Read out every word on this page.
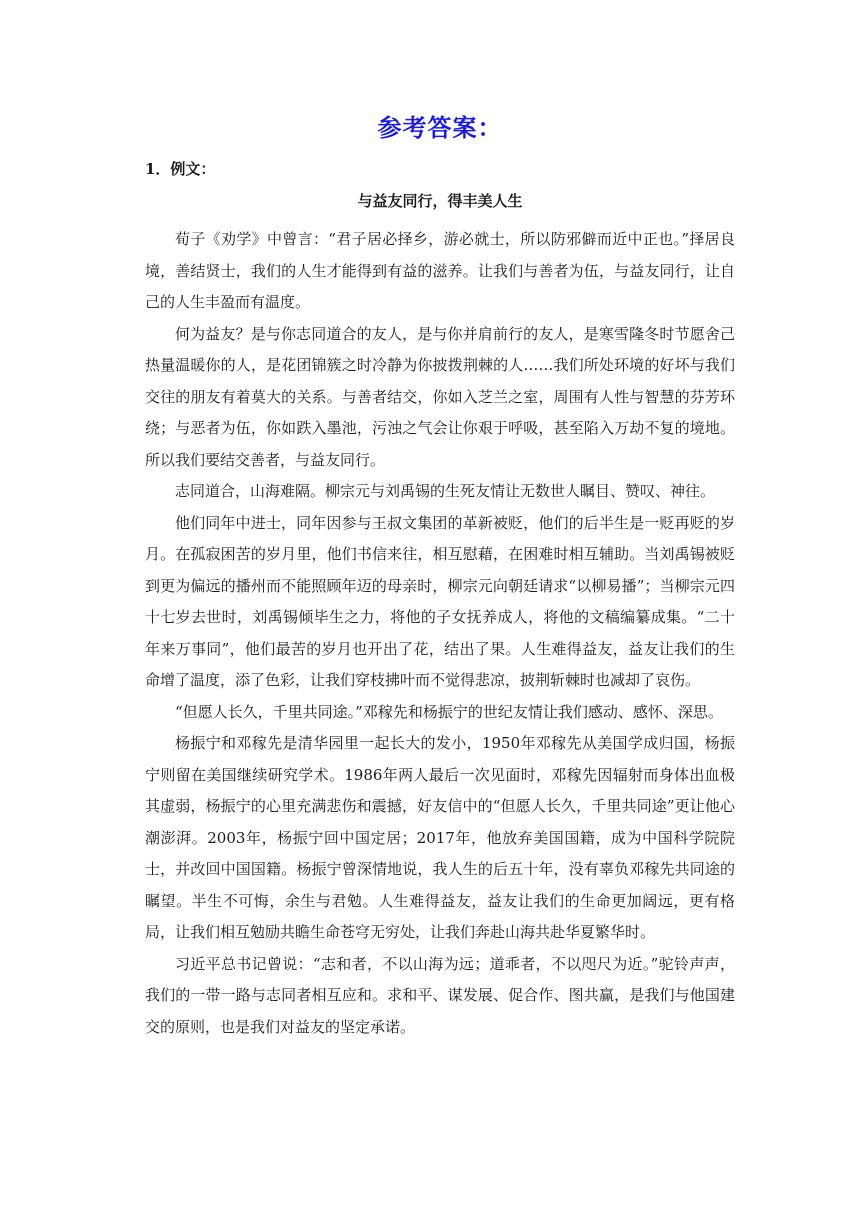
参考答案：
1．例文：
与益友同行，得丰美人生

荀子《劝学》中曾言：“君子居必择乡，游必就士，所以防邪僻而近中正也。”择居良境，善结贤士，我们的人生才能得到有益的滋养。让我们与善者为伍，与益友同行，让自己的人生丰盈而有温度。

何为益友？是与你志同道合的友人，是与你并肩前行的友人，是寒雪隆冬时节愿舍己热量温暖你的人，是花团锦簇之时冷静为你披拨荆棘的人……我们所处环境的好坏与我们交往的朋友有着莫大的关系。与善者结交，你如入芝兰之室，周围有人性与智慧的芬芳环绕；与恶者为伍，你如跌入墨池，污浊之气会让你艰于呼吸，甚至陷入万劫不复的境地。所以我们要结交善者，与益友同行。

志同道合，山海难隔。柳宗元与刘禹锡的生死友情让无数世人瞩目、赞叹、神往。

他们同年中进士，同年因参与王叔文集团的革新被贬，他们的后半生是一贬再贬的岁月。在孤寂困苦的岁月里，他们书信来往，相互慰藉，在困难时相互辅助。当刘禹锡被贬到更为偏远的播州而不能照顾年迈的母亲时，柳宗元向朝廷请求“以柳易播”；当柳宗元四十七岁去世时，刘禹锡倾毕生之力，将他的子女抚养成人，将他的文稿编纂成集。“二十年来万事同”，他们最苦的岁月也开出了花，结出了果。人生难得益友，益友让我们的生命增了温度，添了色彩，让我们穿枝拂叶而不觉得悲凉，披荆斩棘时也减却了哀伤。

“但愿人长久，千里共同途。”邓稼先和杨振宁的世纪友情让我们感动、感怀、深思。

杨振宁和邓稼先是清华园里一起长大的发小，1950年邓稼先从美国学成归国，杨振宁则留在美国继续研究学术。1986年两人最后一次见面时，邓稼先因辐射而身体出血极其虚弱，杨振宁的心里充满悲伤和震撼，好友信中的“但愿人长久，千里共同途”更让他心潮澎湃。2003年，杨振宁回中国定居；2017年，他放弃美国国籍，成为中国科学院院士，并改回中国国籍。杨振宁曾深情地说，我人生的后五十年，没有辜负邓稼先共同途的瞩望。半生不可悔，余生与君勉。人生难得益友，益友让我们的生命更加阔远，更有格局，让我们相互勉励共瞻生命苍穹无穷处，让我们奔赴山海共赴华夏繁华时。

习近平总书记曾说：“志和者，不以山海为远；道乖者，不以咫尺为近。”驼铃声声，我们的一带一路与志同者相互应和。求和平、谋发展、促合作、图共赢，是我们与他国建交的原则，也是我们对益友的坚定承诺。
